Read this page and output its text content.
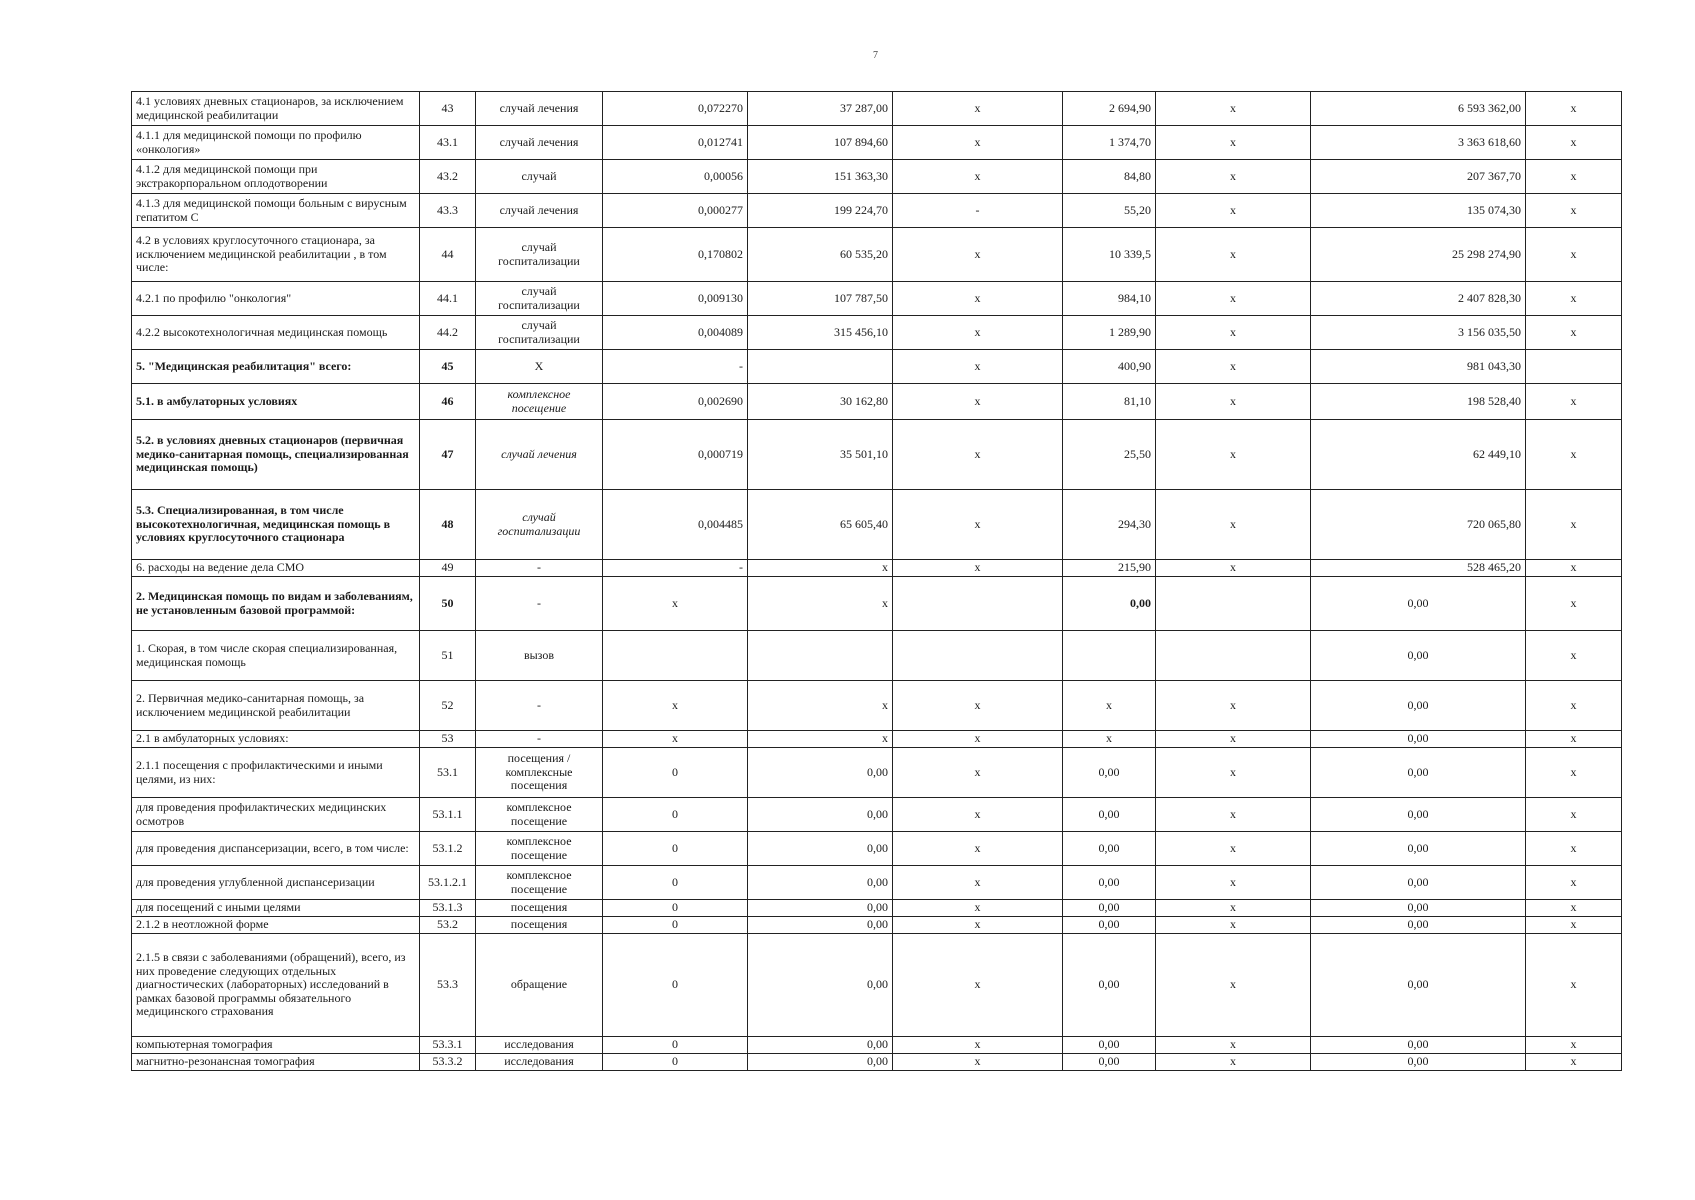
7
4.1 условиях дневных стационаров, за исключением медицинской реабилитации	43	случай лечения	0,072270	37 287,00	х	2 694,90	х	6 593 362,00	х
4.1.1 для медицинской помощи по профилю «онкология»	43.1	случай лечения	0,012741	107 894,60	х	1 374,70	х	3 363 618,60	х
4.1.2 для медицинской помощи при экстракорпоральном оплодотворении	43.2	случай	0,00056	151 363,30	х	84,80	х	207 367,70	х
4.1.3 для медицинской помощи больным с вирусным гепатитом С	43.3	случай лечения	0,000277	199 224,70	-	55,20	х	135 074,30	х
4.2 в условиях круглосуточного стационара, за исключением медицинской реабилитации , в том числе:	44	случай госпитализации	0,170802	60 535,20	х	10 339,5	х	25 298 274,90	х
4.2.1 по профилю "онкология"	44.1	случай госпитализации	0,009130	107 787,50	х	984,10	х	2 407 828,30	х
4.2.2 высокотехнологичная медицинская помощь	44.2	случай госпитализации	0,004089	315 456,10	х	1 289,90	х	3 156 035,50	х
5. "Медицинская реабилитация" всего:	45	Х	-		х	400,90	х	981 043,30	
5.1. в амбулаторных условиях	46	комплексное посещение	0,002690	30 162,80	х	81,10	х	198 528,40	х
5.2. в условиях дневных стационаров (первичная медико-санитарная помощь, специализированная медицинская помощь)	47	случай лечения	0,000719	35 501,10	х	25,50	х	62 449,10	х
5.3. Специализированная, в том числе высокотехнологичная, медицинская помощь в условиях круглосуточного стационара	48	случай госпитализации	0,004485	65 605,40	х	294,30	х	720 065,80	х
6. расходы на ведение дела СМО	49	-	-	х	х	215,90	х	528 465,20	х
2. Медицинская помощь по видам и заболеваниям, не установленным базовой программой:	50	-	х	х		0,00		0,00	х
1. Скорая, в том числе скорая специализированная, медицинская помощь	51	вызов						0,00	х
2. Первичная медико-санитарная помощь, за исключением медицинской реабилитации	52	-	х	х	х	х	х	0,00	х
2.1 в амбулаторных условиях:	53	-	х	х	х	х	х	0,00	х
2.1.1 посещения с профилактическими и иными целями, из них:	53.1	посещения / комплексные посещения	0	0,00	х	0,00	х	0,00	х
для проведения профилактических медицинских осмотров	53.1.1	комплексное посещение	0	0,00	х	0,00	х	0,00	х
для проведения диспансеризации, всего, в том числе:	53.1.2	комплексное посещение	0	0,00	х	0,00	х	0,00	х
для проведения углубленной диспансеризации	53.1.2.1	комплексное посещение	0	0,00	х	0,00	х	0,00	х
для посещений с иными целями	53.1.3	посещения	0	0,00	х	0,00	х	0,00	х
2.1.2 в неотложной форме	53.2	посещения	0	0,00	х	0,00	х	0,00	х
2.1.5 в связи с заболеваниями (обращений), всего, из них проведение следующих отдельных диагностических (лабораторных) исследований в рамках базовой программы обязательного медицинского страхования	53.3	обращение	0	0,00	х	0,00	х	0,00	х
компьютерная томография	53.3.1	исследования	0	0,00	х	0,00	х	0,00	х
магнитно-резонансная томография	53.3.2	исследования	0	0,00	х	0,00	х	0,00	х
